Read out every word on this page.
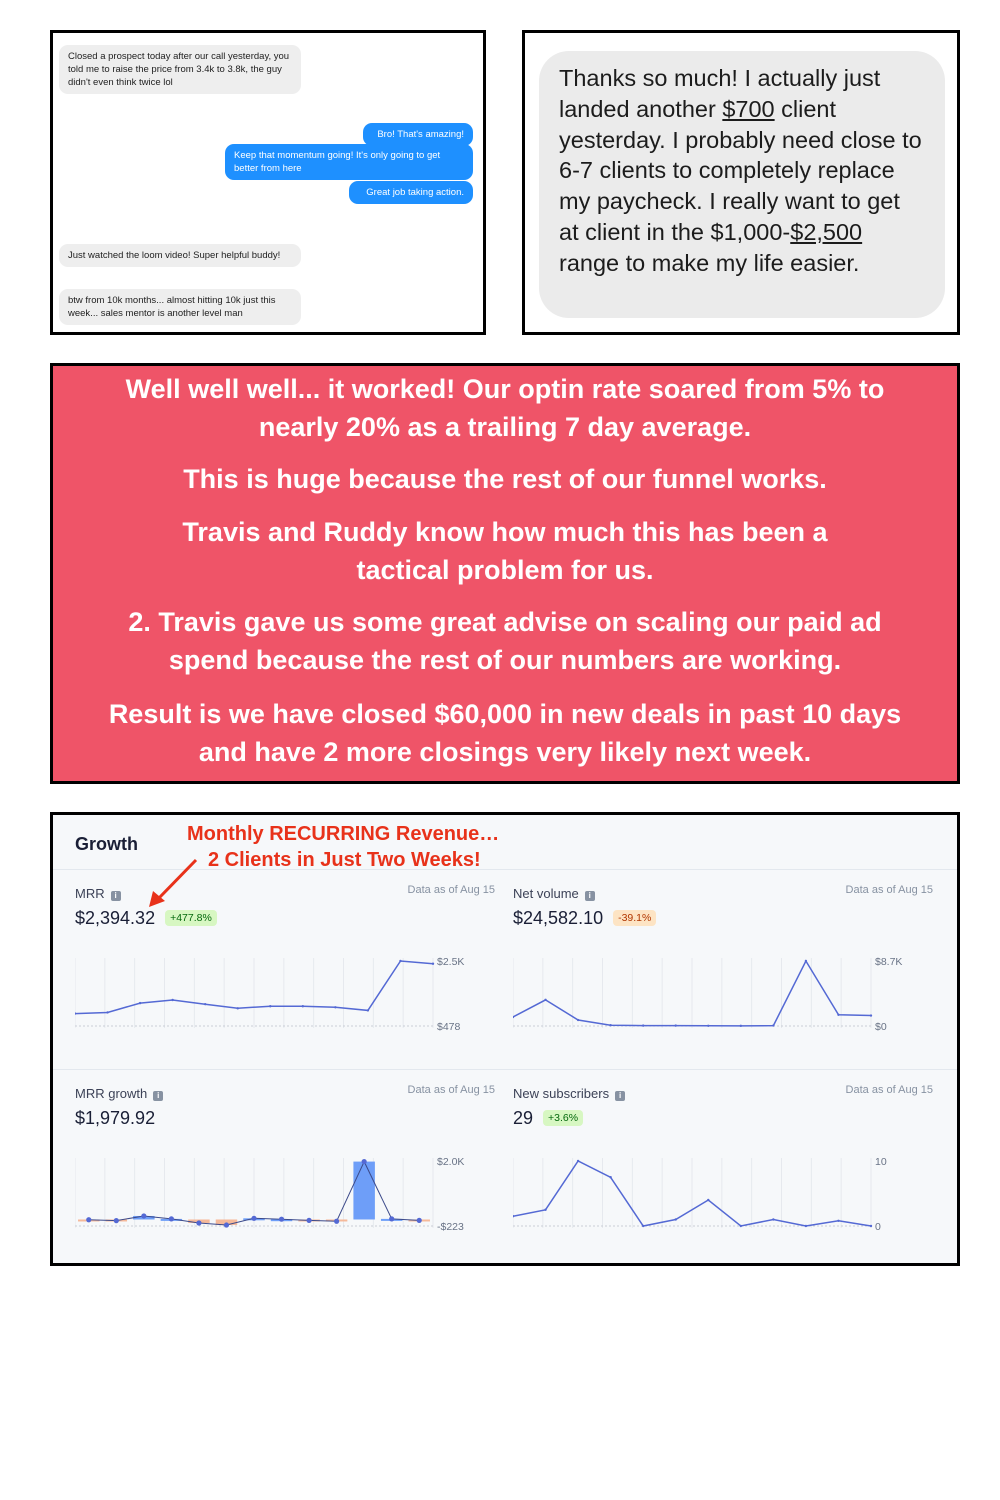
Closed a prospect today after our call yesterday, you told me to raise the price from 3.4k to 3.8k, the guy didn't even think twice lol
Bro! That's amazing!
Keep that momentum going! It's only going to get better from here
Great job taking action.
Just watched the loom video! Super helpful buddy!
btw from 10k months... almost hitting 10k just this week... sales mentor is another level man
Thanks so much! I actually just landed another $700 client yesterday. I probably need close to 6-7 clients to completely replace my paycheck. I really want to get at client in the $1,000-$2,500 range to make my life easier.

Well well well... it worked! Our optin rate soared from 5% to nearly 20% as a trailing 7 day average.

This is huge because the rest of our funnel works.

Travis and Ruddy know how much this has been a tactical problem for us.

2. Travis gave us some great advise on scaling our paid ad spend because the rest of our numbers are working.

Result is we have closed $60,000 in new deals in past 10 days and have 2 more closings very likely next week.

Growth Monthly RECURRING Revenue…
2 Clients in Just Two Weeks!
MRR i	Data as of Aug 15
$2,394.32 +477.8%
$2.5K
$478
Net volume i	Data as of Aug 15
$24,582.10 -39.1%
$8.7K
$0
MRR growth i	Data as of Aug 15
$1,979.92
$2.0K
-$223
New subscribers i	Data as of Aug 15
29 +3.6%
10
0
